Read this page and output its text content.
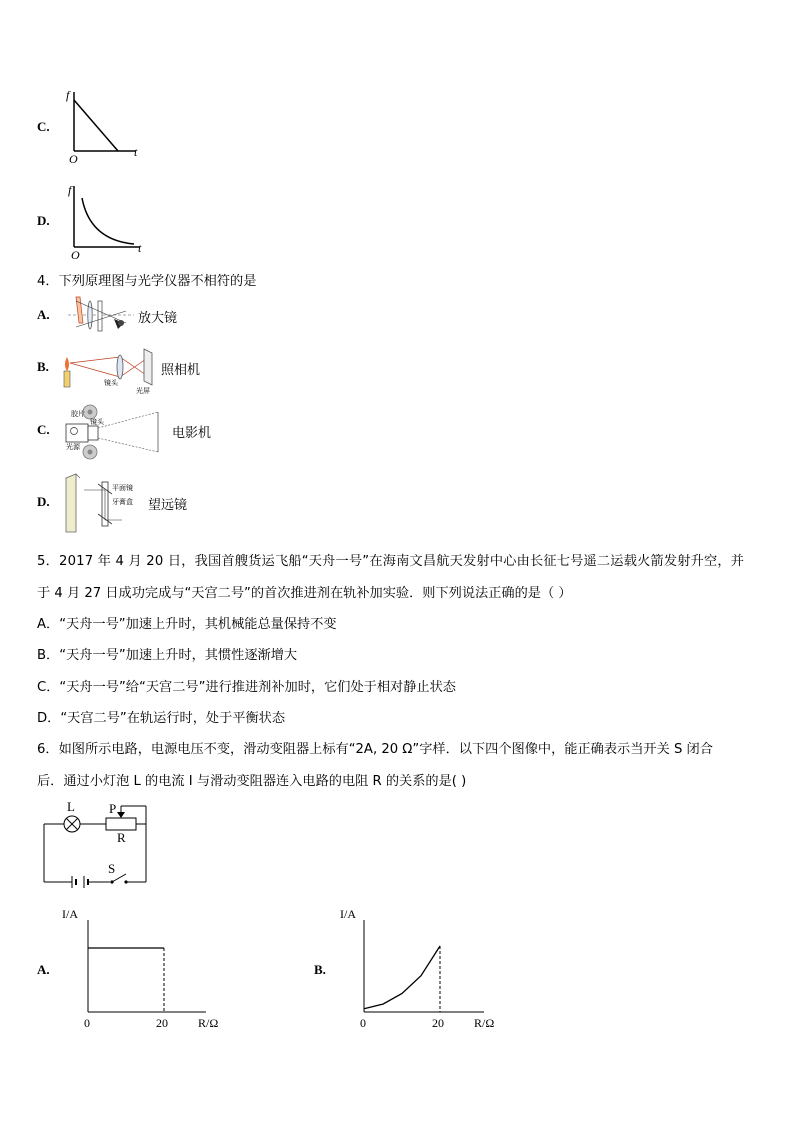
C.
f
t
O
D.
f
t
O
4．下列原理图与光学仪器不相符的是
A.	放大镜
B.
镜头
光屏
照相机
C.
胶片
镜头
光源
电影机
D.
平面镜
牙膏盒 望远镜
5．2017 年 4 月 20 日，我国首艘货运飞船“天舟一号”在海南文昌航天发射中心由长征七号遥二运载火箭发射升空，并
于 4 月 27 日成功完成与“天宫二号”的首次推进剂在轨补加实验．则下列说法正确的是（ ）
A．“天舟一号”加速上升时，其机械能总量保持不变
B．“天舟一号”加速上升时，其惯性逐渐增大
C．“天舟一号”给“天宫二号”进行推进剂补加时，它们处于相对静止状态
D．“天宫二号”在轨运行时，处于平衡状态
6．如图所示电路，电源电压不变，滑动变阻器上标有“2A, 20 Ω”字样．以下四个图像中，能正确表示当开关 S 闭合
后．通过小灯泡 L 的电流 I 与滑动变阻器连入电路的电阻 R 的关系的是( )
L	P
R
S
A.
I/A
0	20	R/Ω
B.
I/A
0	20	R/Ω
